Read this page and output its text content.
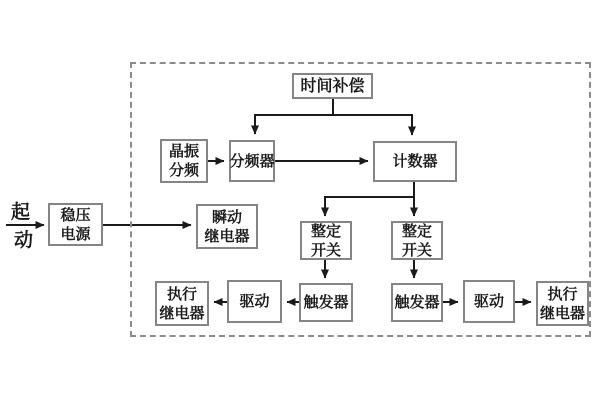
起
动
稳压
电源
时间补偿
晶振
分频
分频器	计数器
瞬动
继电器	整定
开关
整定
开关
触发器
驱动
执行
继电器
触发器 驱动	执行
继电器
